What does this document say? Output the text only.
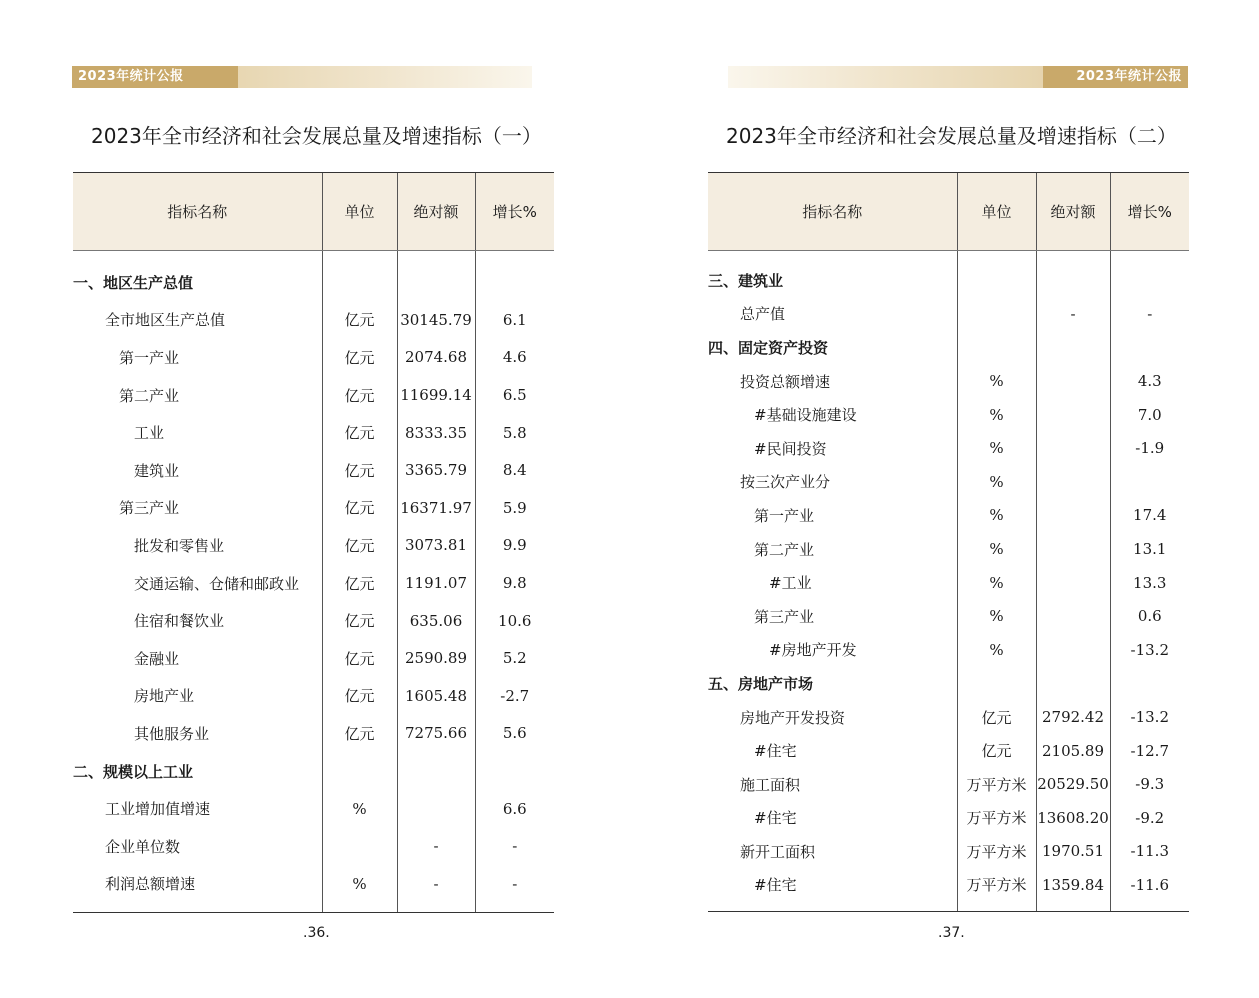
2023年统计公报
2023年全市经济和社会发展总量及增速指标（一）
指标名称	单位	绝对额	增长%

一、地区生产总值			
全市地区生产总值	亿元	30145.79	6.1
第一产业	亿元	2074.68	4.6
第二产业	亿元	11699.14	6.5
工业	亿元	8333.35	5.8
建筑业	亿元	3365.79	8.4
第三产业	亿元	16371.97	5.9
批发和零售业	亿元	3073.81	9.9
交通运输、仓储和邮政业	亿元	1191.07	9.8
住宿和餐饮业	亿元	635.06	10.6
金融业	亿元	2590.89	5.2
房地产业	亿元	1605.48	-2.7
其他服务业	亿元	7275.66	5.6
二、规模以上工业			
工业增加值增速	%		6.6
企业单位数		-	-
利润总额增速	%	-	-

.36.
2023年统计公报
2023年全市经济和社会发展总量及增速指标（二）
指标名称	单位	绝对额	增长%

三、建筑业			
总产值		-	-
四、固定资产投资			
投资总额增速	%		4.3
#基础设施建设	%		7.0
#民间投资	%		-1.9
按三次产业分	%		
第一产业	%		17.4
第二产业	%		13.1
#工业	%		13.3
第三产业	%		0.6
#房地产开发	%		-13.2
五、房地产市场			
房地产开发投资	亿元	2792.42	-13.2
#住宅	亿元	2105.89	-12.7
施工面积	万平方米	20529.50	-9.3
#住宅	万平方米	13608.20	-9.2
新开工面积	万平方米	1970.51	-11.3
#住宅	万平方米	1359.84	-11.6

.37.
